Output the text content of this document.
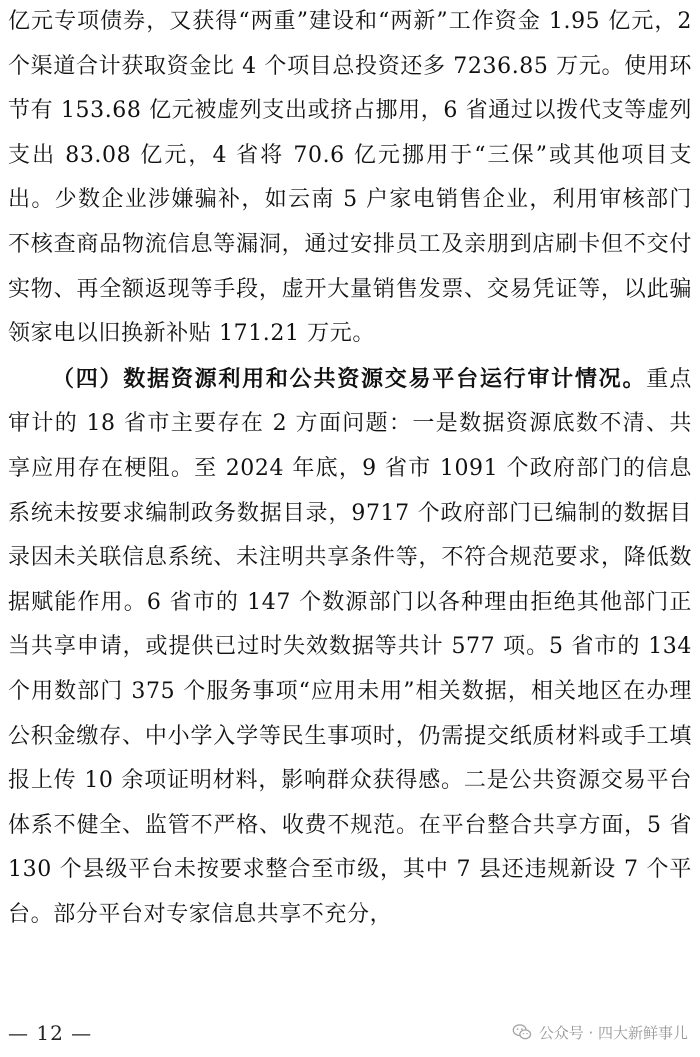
亿元专项债券，又获得“两重”建设和“两新”工作资金 1.95 亿元，2 个渠道合计获取资金比 4 个项目总投资还多 7236.85 万元。使用环节有 153.68 亿元被虚列支出或挤占挪用，6 省通过以拨代支等虚列支出 83.08 亿元，4 省将 70.6 亿元挪用于“三保”或其他项目支出。少数企业涉嫌骗补，如云南 5 户家电销售企业，利用审核部门不核查商品物流信息等漏洞，通过安排员工及亲朋到店刷卡但不交付实物、再全额返现等手段，虚开大量销售发票、交易凭证等，以此骗领家电以旧换新补贴 171.21 万元。

（四）数据资源利用和公共资源交易平台运行审计情况。重点审计的 18 省市主要存在 2 方面问题：一是数据资源底数不清、共享应用存在梗阻。至 2024 年底，9 省市 1091 个政府部门的信息系统未按要求编制政务数据目录，9717 个政府部门已编制的数据目录因未关联信息系统、未注明共享条件等，不符合规范要求，降低数据赋能作用。6 省市的 147 个数源部门以各种理由拒绝其他部门正当共享申请，或提供已过时失效数据等共计 577 项。5 省市的 134 个用数部门 375 个服务事项“应用未用”相关数据，相关地区在办理公积金缴存、中小学入学等民生事项时，仍需提交纸质材料或手工填报上传 10 余项证明材料，影响群众获得感。二是公共资源交易平台体系不健全、监管不严格、收费不规范。在平台整合共享方面，5 省 130 个县级平台未按要求整合至市级，其中 7 县还违规新设 7 个平台。部分平台对专家信息共享不充分，

— 12 —	公众号 · 四大新鲜事儿
